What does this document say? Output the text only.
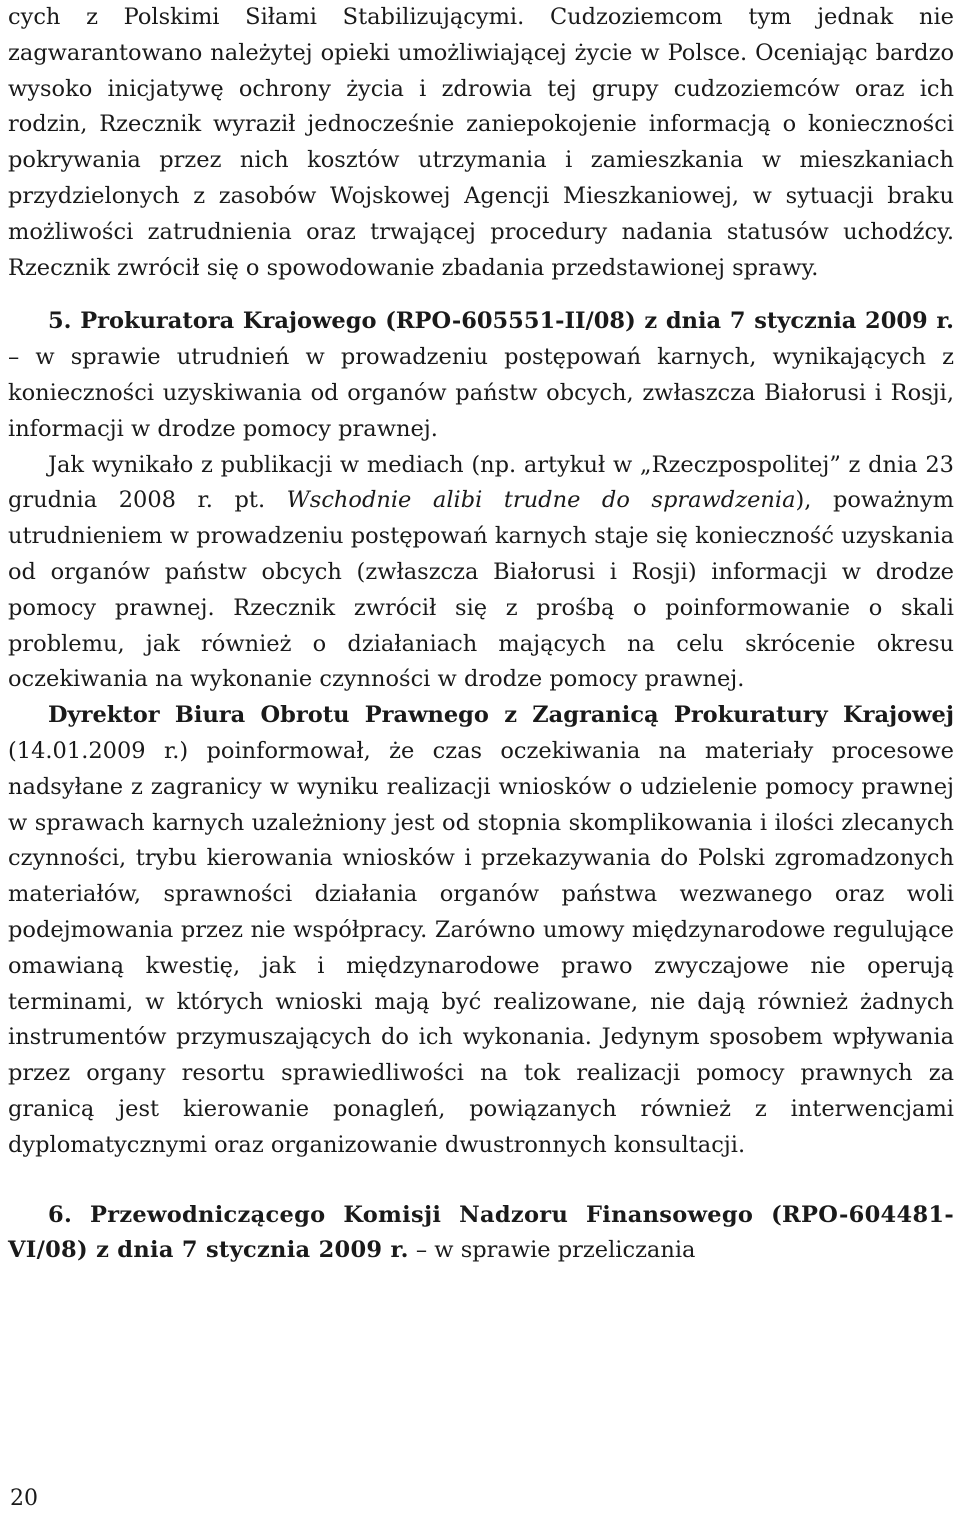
cych z Polskimi Siłami Stabilizującymi. Cudzoziemcom tym jednak nie zagwarantowano należytej opieki umożliwiającej życie w Polsce. Oceniając bardzo wysoko inicjatywę ochrony życia i zdrowia tej grupy cudzoziemców oraz ich rodzin, Rzecznik wyraził jednocześnie zaniepokojenie informacją o konieczności pokrywania przez nich kosztów utrzymania i zamieszkania w mieszkaniach przydzielonych z zasobów Wojskowej Agencji Mieszkaniowej, w sytuacji braku możliwości zatrudnienia oraz trwającej procedury nadania statusów uchodźcy. Rzecznik zwrócił się o spowodowanie zbadania przedstawionej sprawy.

5. Prokuratora Krajowego (RPO-605551-II/08) z dnia 7 stycznia 2009 r. – w sprawie utrudnień w prowadzeniu postępowań karnych, wynikających z konieczności uzyskiwania od organów państw obcych, zwłaszcza Białorusi i Rosji, informacji w drodze pomocy prawnej.

Jak wynikało z publikacji w mediach (np. artykuł w „Rzeczpospolitej” z dnia 23 grudnia 2008 r. pt. Wschodnie alibi trudne do sprawdzenia), poważnym utrudnieniem w prowadzeniu postępowań karnych staje się konieczność uzyskania od organów państw obcych (zwłaszcza Białorusi i Rosji) informacji w drodze pomocy prawnej. Rzecznik zwrócił się z prośbą o poinformowanie o skali problemu, jak również o działaniach mających na celu skrócenie okresu oczekiwania na wykonanie czynności w drodze pomocy prawnej.

Dyrektor Biura Obrotu Prawnego z Zagranicą Prokuratury Krajowej (14.01.2009 r.) poinformował, że czas oczekiwania na materiały procesowe nadsyłane z zagranicy w wyniku realizacji wniosków o udzielenie pomocy prawnej w sprawach karnych uzależniony jest od stopnia skomplikowania i ilości zlecanych czynności, trybu kierowania wniosków i przekazywania do Polski zgromadzonych materiałów, sprawności działania organów państwa wezwanego oraz woli podejmowania przez nie współpracy. Zarówno umowy międzynarodowe regulujące omawianą kwestię, jak i międzynarodowe prawo zwyczajowe nie operują terminami, w których wnioski mają być realizowane, nie dają również żadnych instrumentów przymuszających do ich wykonania. Jedynym sposobem wpływania przez organy resortu sprawiedliwości na tok realizacji pomocy prawnych za granicą jest kierowanie ponagleń, powiązanych również z interwencjami dyplomatycznymi oraz organizowanie dwustronnych konsultacji.

6. Przewodniczącego Komisji Nadzoru Finansowego (RPO-604481-VI/08) z dnia 7 stycznia 2009 r. – w sprawie przeliczania

20
